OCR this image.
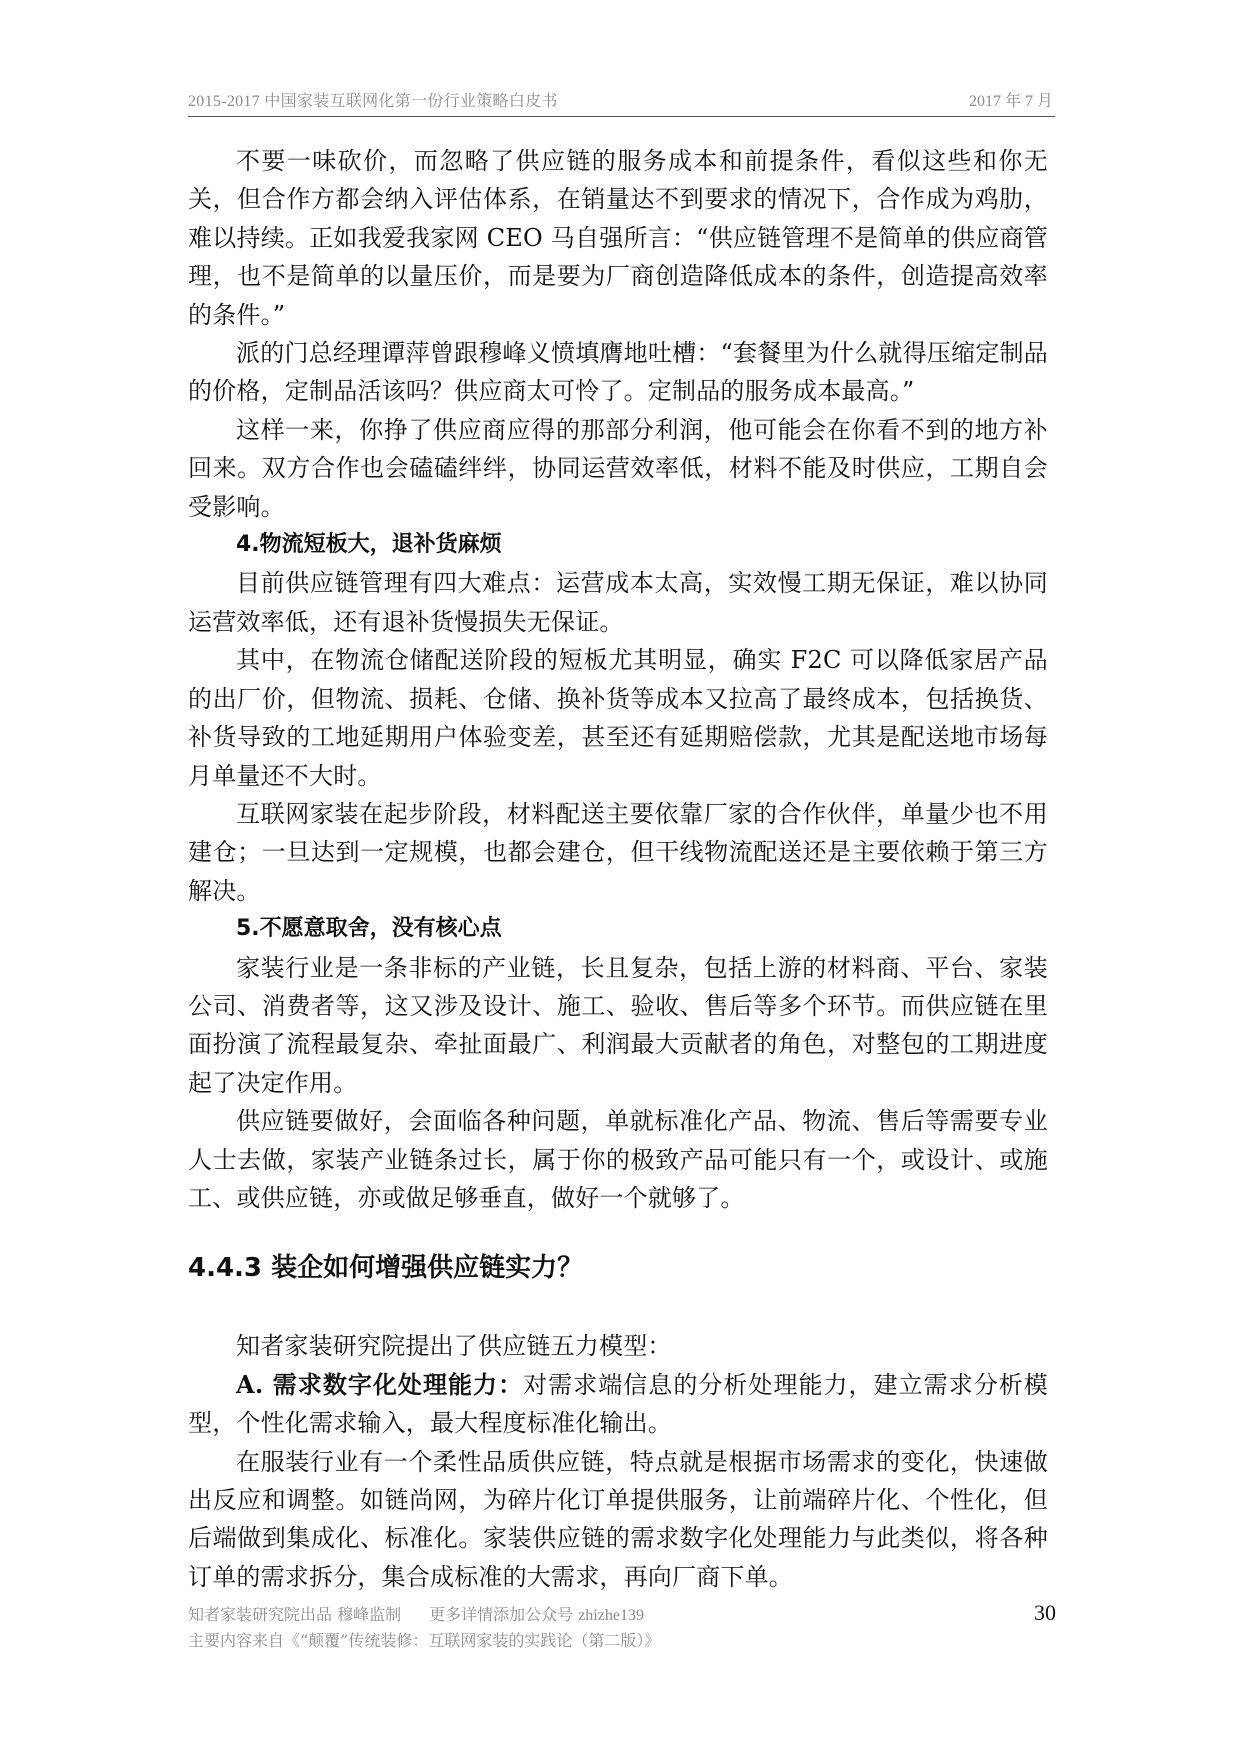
2015-2017 中国家装互联网化第一份行业策略白皮书	2017 年 7 月

不要一味砍价，而忽略了供应链的服务成本和前提条件，看似这些和你无关，但合作方都会纳入评估体系，在销量达不到要求的情况下，合作成为鸡肋，难以持续。正如我爱我家网 CEO 马自强所言：“供应链管理不是简单的供应商管理，也不是简单的以量压价，而是要为厂商创造降低成本的条件，创造提高效率的条件。”

派的门总经理谭萍曾跟穆峰义愤填膺地吐槽：“套餐里为什么就得压缩定制品的价格，定制品活该吗？供应商太可怜了。定制品的服务成本最高。”

这样一来，你挣了供应商应得的那部分利润，他可能会在你看不到的地方补回来。双方合作也会磕磕绊绊，协同运营效率低，材料不能及时供应，工期自会受影响。

4.物流短板大，退补货麻烦

目前供应链管理有四大难点：运营成本太高，实效慢工期无保证，难以协同运营效率低，还有退补货慢损失无保证。

其中，在物流仓储配送阶段的短板尤其明显，确实 F2C 可以降低家居产品的出厂价，但物流、损耗、仓储、换补货等成本又拉高了最终成本，包括换货、补货导致的工地延期用户体验变差，甚至还有延期赔偿款，尤其是配送地市场每月单量还不大时。

互联网家装在起步阶段，材料配送主要依靠厂家的合作伙伴，单量少也不用建仓；一旦达到一定规模，也都会建仓，但干线物流配送还是主要依赖于第三方解决。

5.不愿意取舍，没有核心点

家装行业是一条非标的产业链，长且复杂，包括上游的材料商、平台、家装公司、消费者等，这又涉及设计、施工、验收、售后等多个环节。而供应链在里面扮演了流程最复杂、牵扯面最广、利润最大贡献者的角色，对整包的工期进度起了决定作用。

供应链要做好，会面临各种问题，单就标准化产品、物流、售后等需要专业人士去做，家装产业链条过长，属于你的极致产品可能只有一个，或设计、或施工、或供应链，亦或做足够垂直，做好一个就够了。

4.4.3 装企如何增强供应链实力？

知者家装研究院提出了供应链五力模型：

A. 需求数字化处理能力：对需求端信息的分析处理能力，建立需求分析模型，个性化需求输入，最大程度标准化输出。

在服装行业有一个柔性品质供应链，特点就是根据市场需求的变化，快速做出反应和调整。如链尚网，为碎片化订单提供服务，让前端碎片化、个性化，但后端做到集成化、标准化。家装供应链的需求数字化处理能力与此类似，将各种订单的需求拆分，集合成标准的大需求，再向厂商下单。

知者家装研究院出品 穆峰监制 更多详情添加公众号 zhizhe139
主要内容来自《“颠覆”传统装修：互联网家装的实践论（第二版）》
30
